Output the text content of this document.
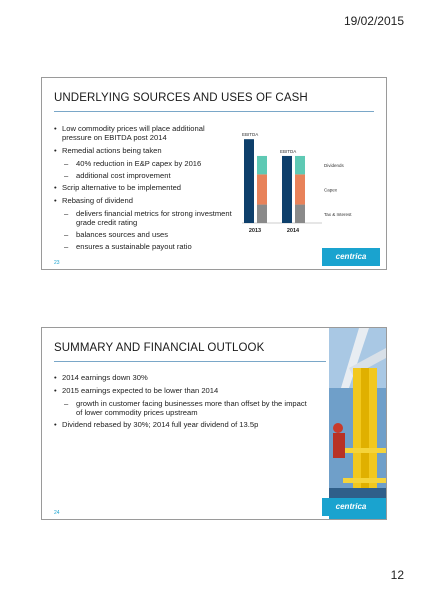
19/02/2015
UNDERLYING SOURCES AND USES OF CASH
• Low commodity prices will place additional pressure on EBITDA post 2014
• Remedial actions being taken
– 40% reduction in E&P capex by 2016
– additional cost improvement
• Scrip alternative to be implemented
• Rebasing of dividend
– delivers financial metrics for strong investment grade credit rating
– balances sources and uses
– ensures a sustainable payout ratio
EBITDA
2013
EBITDA
2014
Tax & Interest
Capex
Dividends
23
centrica
SUMMARY AND FINANCIAL OUTLOOK
• 2014 earnings down 30%
• 2015 earnings expected to be lower than 2014
– growth in customer facing businesses more than offset by the impact of lower commodity prices upstream
• Dividend rebased by 30%; 2014 full year dividend of 13.5p
24
centrica
12
